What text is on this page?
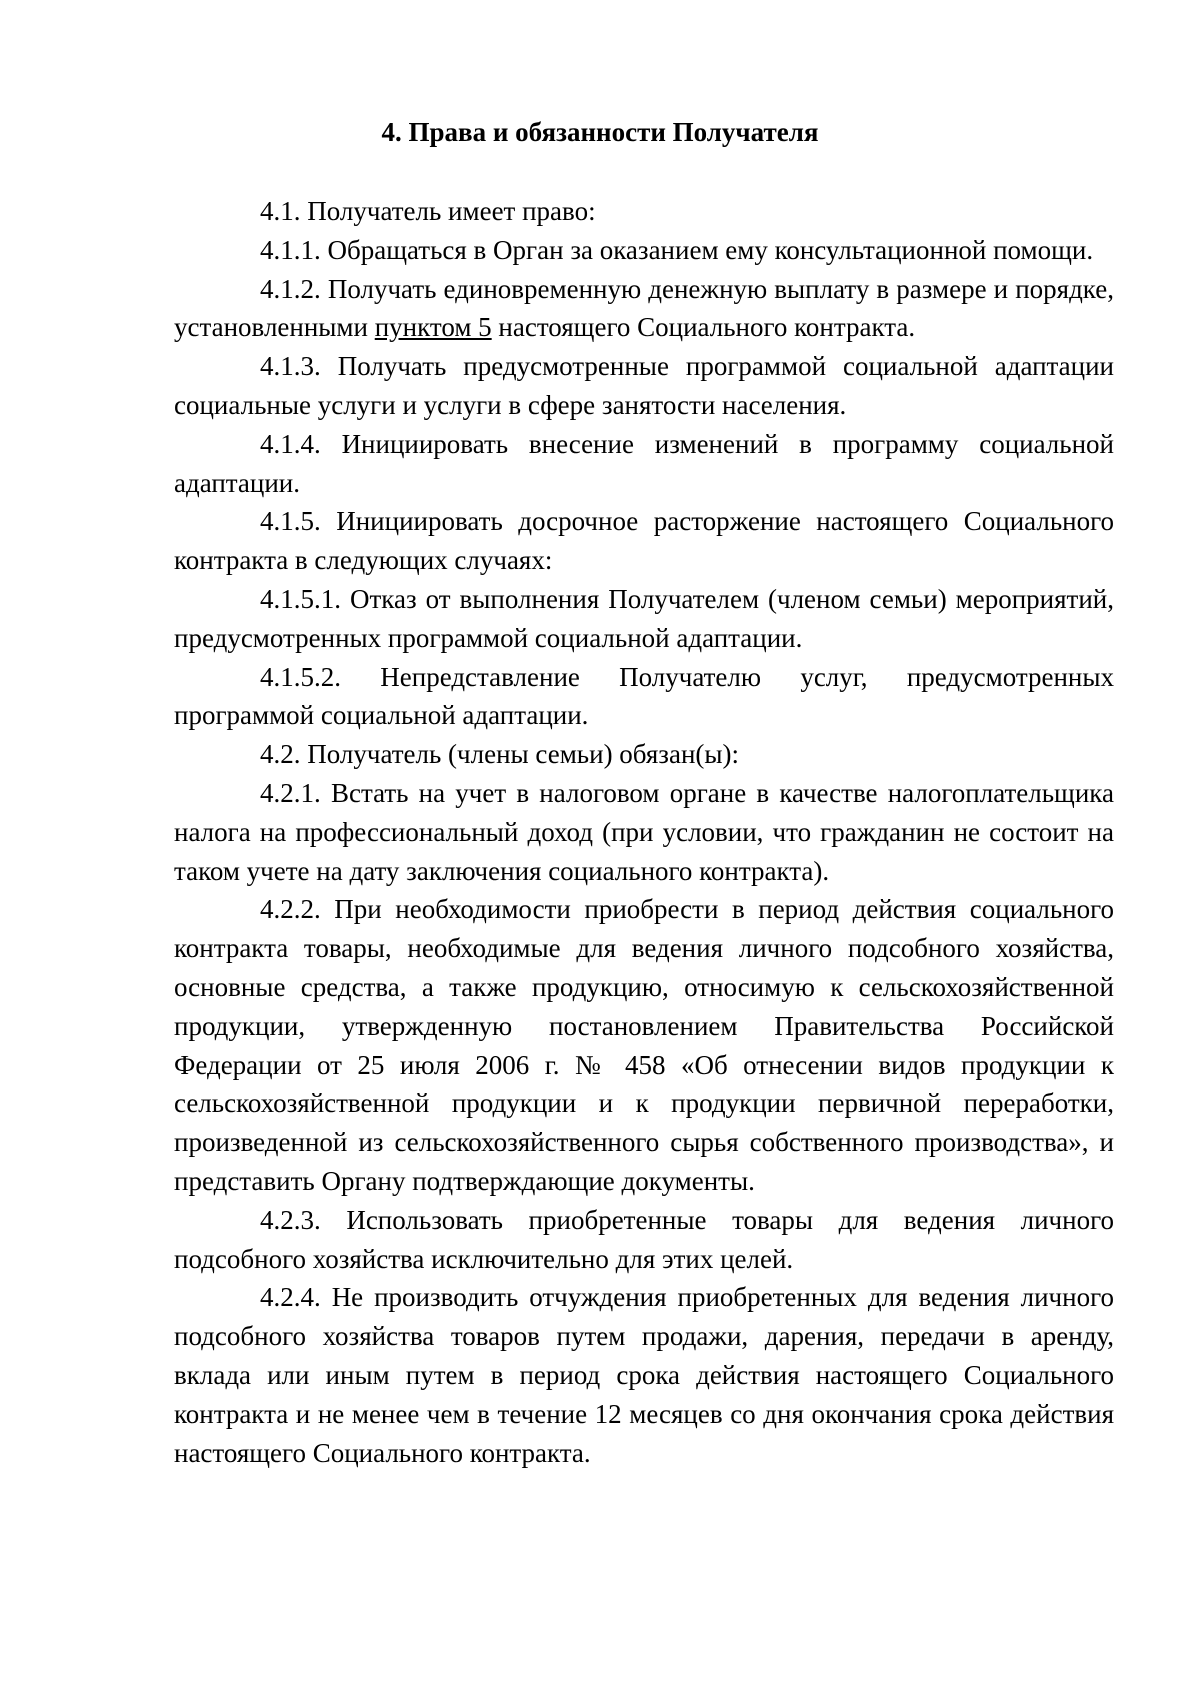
4. Права и обязанности Получателя

4.1. Получатель имеет право:

4.1.1. Обращаться в Орган за оказанием ему консультационной помощи.

4.1.2. Получать единовременную денежную выплату в размере и порядке, установленными пунктом 5 настоящего Социального контракта.

4.1.3. Получать предусмотренные программой социальной адаптации социальные услуги и услуги в сфере занятости населения.

4.1.4. Инициировать внесение изменений в программу социальной адаптации.

4.1.5. Инициировать досрочное расторжение настоящего Социального контракта в следующих случаях:

4.1.5.1. Отказ от выполнения Получателем (членом семьи) мероприятий, предусмотренных программой социальной адаптации.

4.1.5.2. Непредставление Получателю услуг, предусмотренных программой социальной адаптации.

4.2. Получатель (члены семьи) обязан(ы):

4.2.1. Встать на учет в налоговом органе в качестве налогоплательщика налога на профессиональный доход (при условии, что гражданин не состоит на таком учете на дату заключения социального контракта).

4.2.2. При необходимости приобрести в период действия социального контракта товары, необходимые для ведения личного подсобного хозяйства, основные средства, а также продукцию, относимую к сельскохозяйственной продукции, утвержденную постановлением Правительства Российской Федерации от 25 июля 2006 г. № 458 «Об отнесении видов продукции к сельскохозяйственной продукции и к продукции первичной переработки, произведенной из сельскохозяйственного сырья собственного производства», и представить Органу подтверждающие документы.

4.2.3. Использовать приобретенные товары для ведения личного подсобного хозяйства исключительно для этих целей.

4.2.4. Не производить отчуждения приобретенных для ведения личного подсобного хозяйства товаров путем продажи, дарения, передачи в аренду, вклада или иным путем в период срока действия настоящего Социального контракта и не менее чем в течение 12 месяцев со дня окончания срока действия настоящего Социального контракта.
